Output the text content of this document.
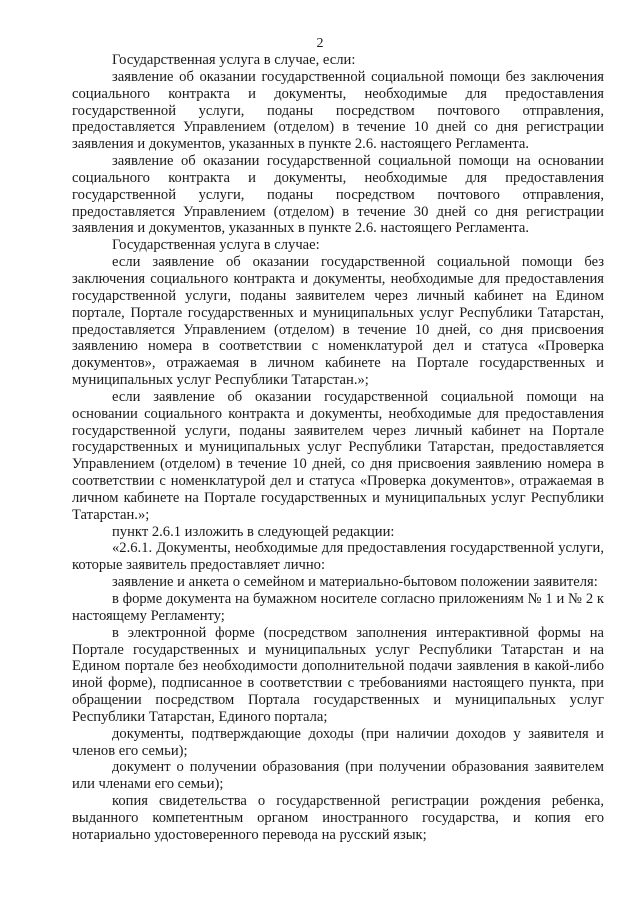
2

Государственная услуга в случае, если:

заявление об оказании государственной социальной помощи без заключения социального контракта и документы, необходимые для предоставления государственной услуги, поданы посредством почтового отправления, предоставляется Управлением (отделом) в течение 10 дней со дня регистрации заявления и документов, указанных в пункте 2.6. настоящего Регламента.

заявление об оказании государственной социальной помощи на основании социального контракта и документы, необходимые для предоставления государственной услуги, поданы посредством почтового отправления, предоставляется Управлением (отделом) в течение 30 дней со дня регистрации заявления и документов, указанных в пункте 2.6. настоящего Регламента.

Государственная услуга в случае:

если заявление об оказании государственной социальной помощи без заключения социального контракта и документы, необходимые для предоставления государственной услуги, поданы заявителем через личный кабинет на Едином портале, Портале государственных и муниципальных услуг Республики Татарстан, предоставляется Управлением (отделом) в течение 10 дней, со дня присвоения заявлению номера в соответствии с номенклатурой дел и статуса «Проверка документов», отражаемая в личном кабинете на Портале государственных и муниципальных услуг Республики Татарстан.»;

если заявление об оказании государственной социальной помощи на основании социального контракта и документы, необходимые для предоставления государственной услуги, поданы заявителем через личный кабинет на Портале государственных и муниципальных услуг Республики Татарстан, предоставляется Управлением (отделом) в течение 10 дней, со дня присвоения заявлению номера в соответствии с номенклатурой дел и статуса «Проверка документов», отражаемая в личном кабинете на Портале государственных и муниципальных услуг Республики Татарстан.»;

пункт 2.6.1 изложить в следующей редакции:

«2.6.1. Документы, необходимые для предоставления государственной услуги, которые заявитель предоставляет лично:

заявление и анкета о семейном и материально-бытовом положении заявителя:

в форме документа на бумажном носителе согласно приложениям № 1 и № 2 к настоящему Регламенту;

в электронной форме (посредством заполнения интерактивной формы на Портале государственных и муниципальных услуг Республики Татарстан и на Едином портале без необходимости дополнительной подачи заявления в какой-либо иной форме), подписанное в соответствии с требованиями настоящего пункта, при обращении посредством Портала государственных и муниципальных услуг Республики Татарстан, Единого портала;

документы, подтверждающие доходы (при наличии доходов у заявителя и членов его семьи);

документ о получении образования (при получении образования заявителем или членами его семьи);

копия свидетельства о государственной регистрации рождения ребенка, выданного компетентным органом иностранного государства, и копия его нотариально удостоверенного перевода на русский язык;
